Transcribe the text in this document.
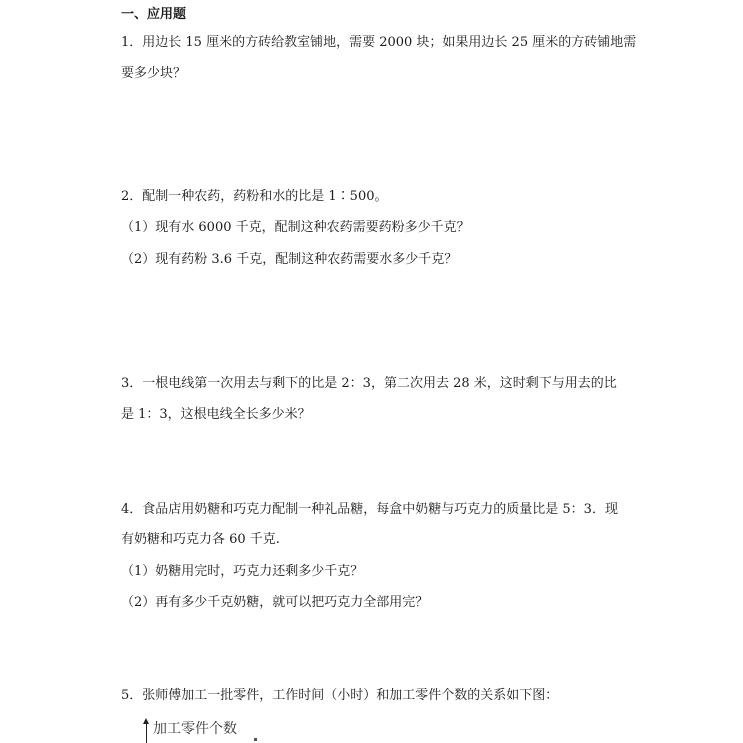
一、应用题
1．用边长 15 厘米的方砖给教室铺地，需要 2000 块；如果用边长 25 厘米的方砖铺地需
要多少块？
2．配制一种农药，药粉和水的比是 1∶500。
（1）现有水 6000 千克，配制这种农药需要药粉多少千克？
（2）现有药粉 3.6 千克，配制这种农药需要水多少千克？
3．一根电线第一次用去与剩下的比是 2：3，第二次用去 28 米，这时剩下与用去的比
是 1：3，这根电线全长多少米？
4．食品店用奶糖和巧克力配制一种礼品糖，每盒中奶糖与巧克力的质量比是 5：3．现
有奶糖和巧克力各 60 千克.
（1）奶糖用完时，巧克力还剩多少千克？
（2）再有多少千克奶糖，就可以把巧克力全部用完？
5．张师傅加工一批零件，工作时间（小时）和加工零件个数的关系如下图：
加工零件个数
